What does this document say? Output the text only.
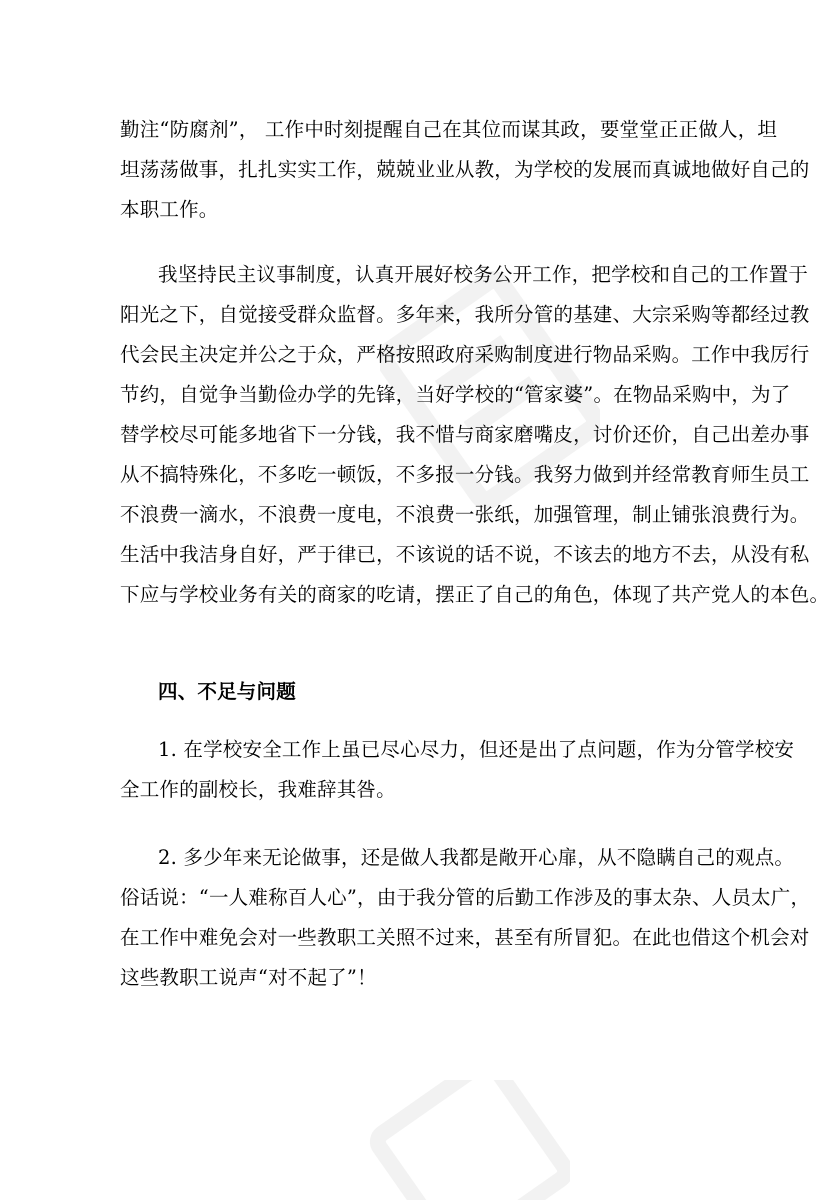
勤注“防腐剂”， 工作中时刻提醒自己在其位而谋其政，要堂堂正正做人，坦
坦荡荡做事，扎扎实实工作，兢兢业业从教，为学校的发展而真诚地做好自己的
本职工作。
我坚持民主议事制度，认真开展好校务公开工作，把学校和自己的工作置于
阳光之下，自觉接受群众监督。多年来，我所分管的基建、大宗采购等都经过教
代会民主决定并公之于众，严格按照政府采购制度进行物品采购。工作中我厉行
节约，自觉争当勤俭办学的先锋，当好学校的“管家婆”。在物品采购中，为了
替学校尽可能多地省下一分钱，我不惜与商家磨嘴皮，讨价还价，自己出差办事
从不搞特殊化，不多吃一顿饭，不多报一分钱。我努力做到并经常教育师生员工
不浪费一滴水，不浪费一度电，不浪费一张纸，加强管理，制止铺张浪费行为。
生活中我洁身自好，严于律已，不该说的话不说，不该去的地方不去，从没有私
下应与学校业务有关的商家的吃请，摆正了自己的角色，体现了共产党人的本色。
四、不足与问题
1. 在学校安全工作上虽已尽心尽力，但还是出了点问题，作为分管学校安
全工作的副校长，我难辞其咎。
2. 多少年来无论做事，还是做人我都是敞开心扉，从不隐瞒自己的观点。
俗话说：“一人难称百人心”，由于我分管的后勤工作涉及的事太杂、人员太广，
在工作中难免会对一些教职工关照不过来，甚至有所冒犯。在此也借这个机会对
这些教职工说声“对不起了”！
